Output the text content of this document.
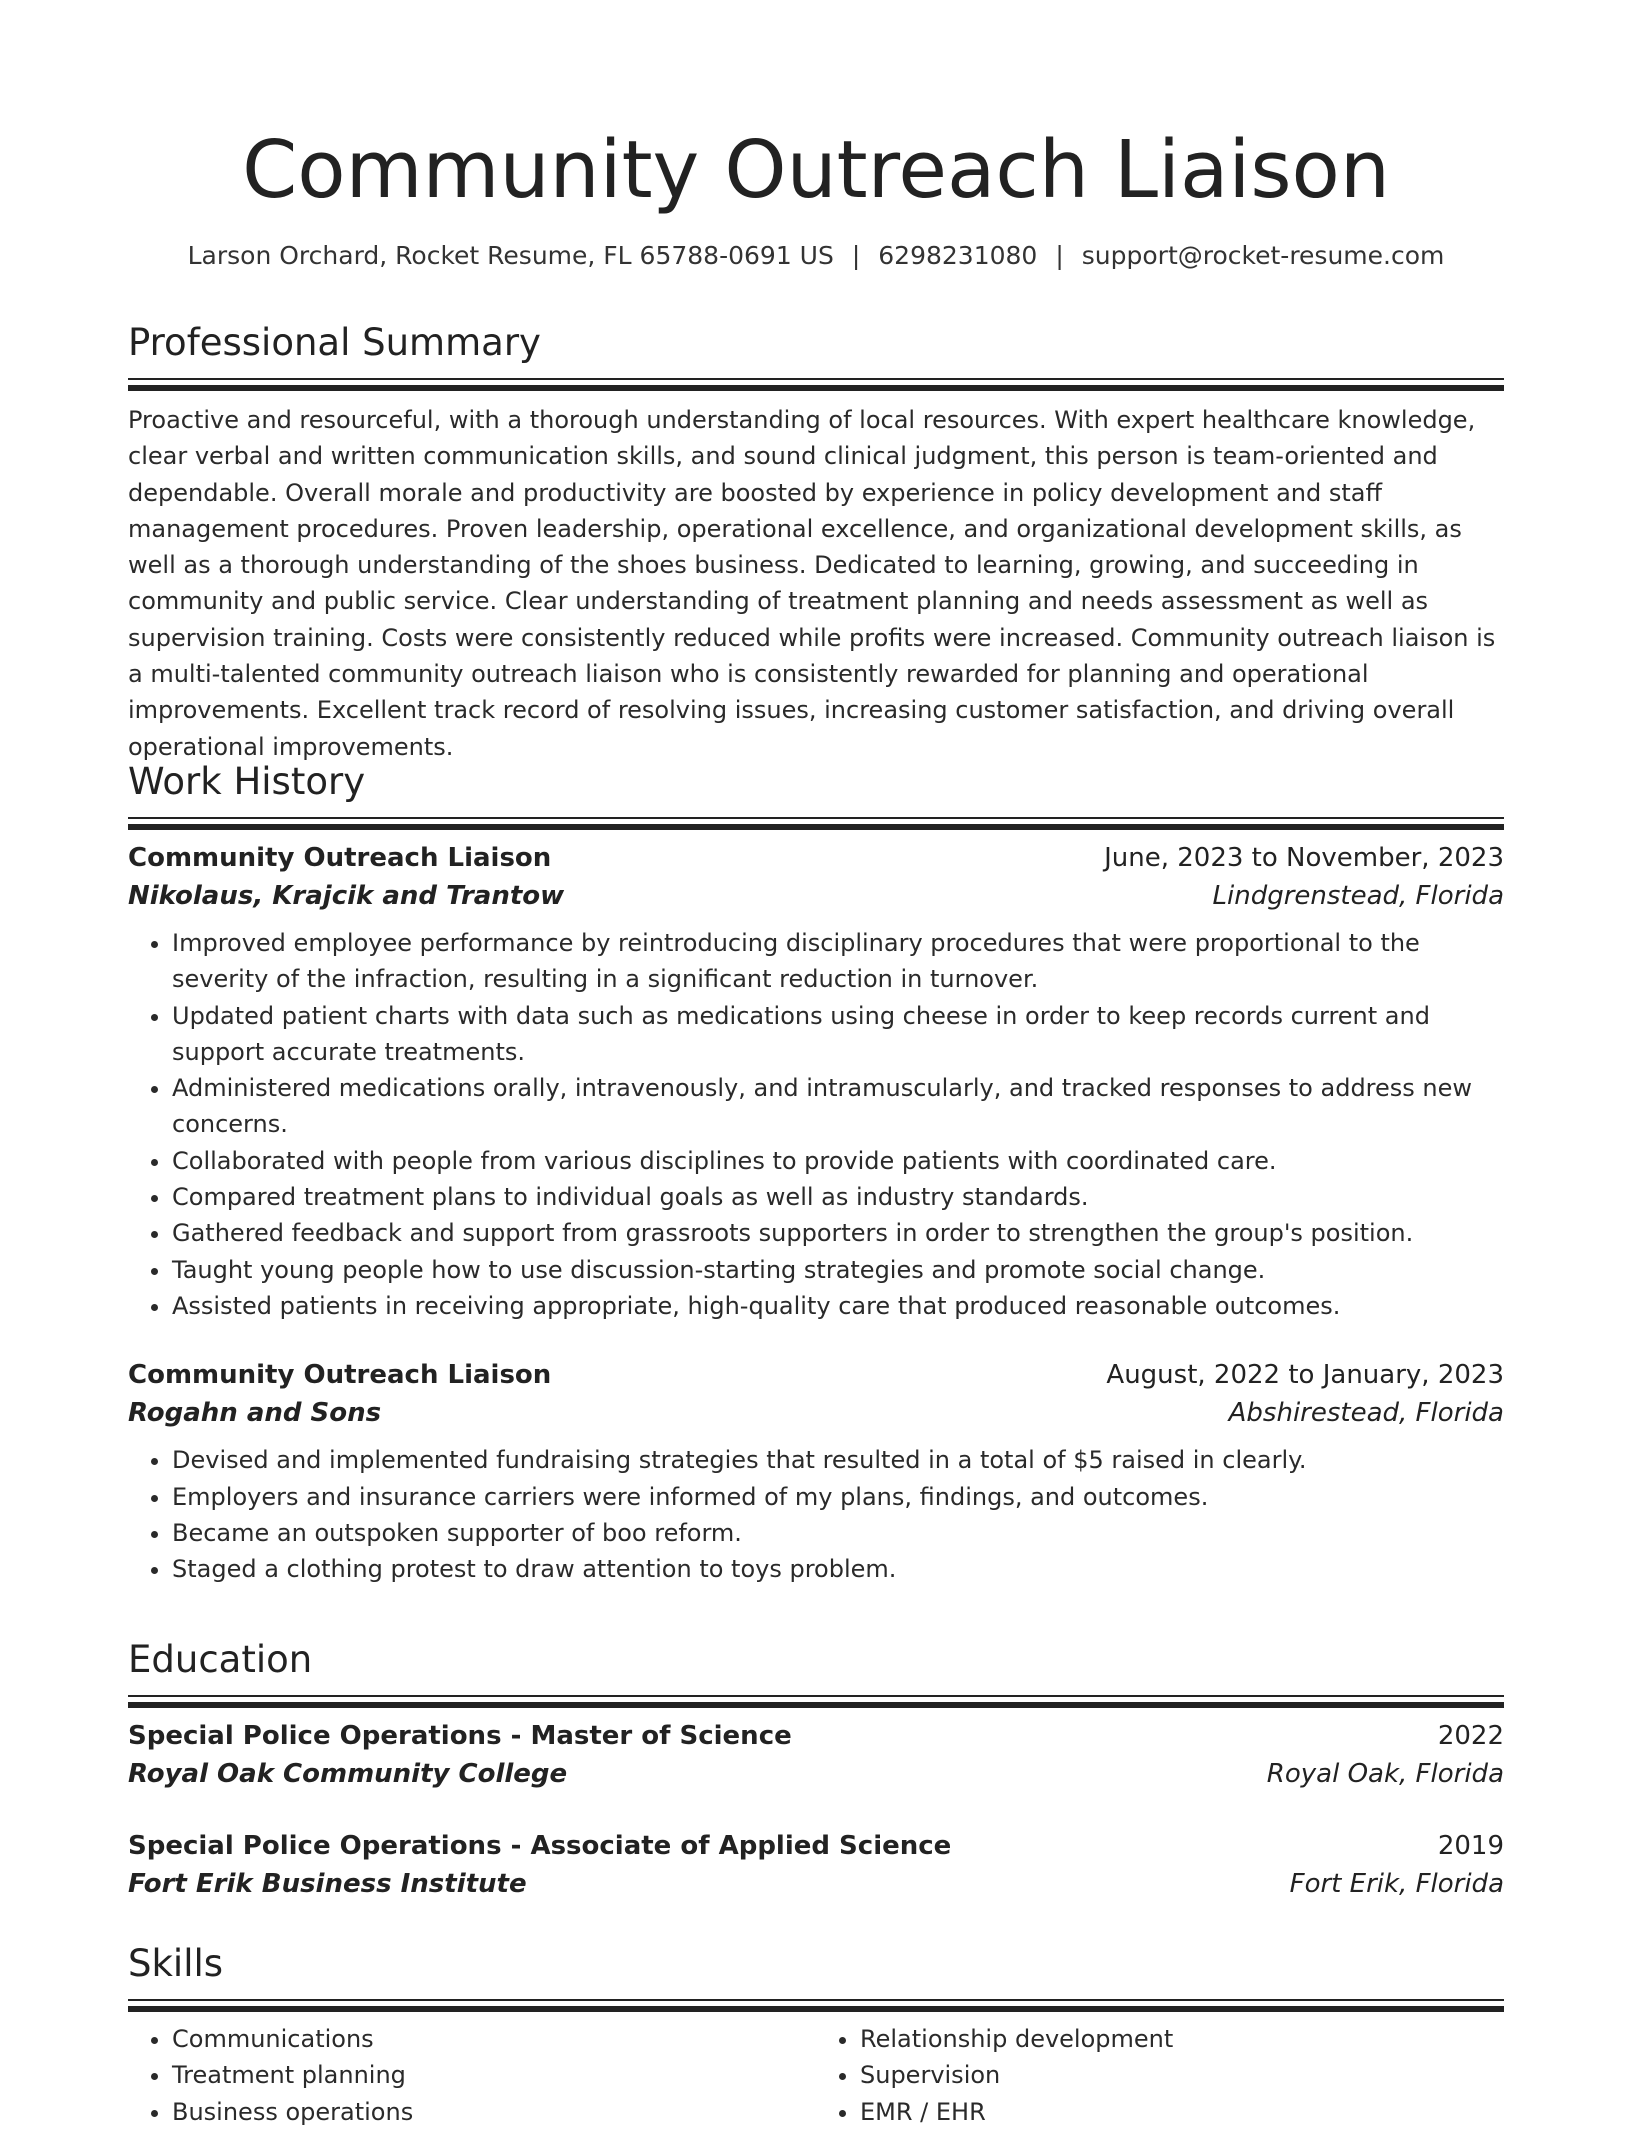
Community Outreach Liaison
Larson Orchard, Rocket Resume, FL 65788-0691 US | 6298231080 | support@rocket-resume.com
Professional Summary

Proactive and resourceful, with a thorough understanding of local resources. With expert healthcare knowledge, clear verbal and written communication skills, and sound clinical judgment, this person is team-oriented and dependable. Overall morale and productivity are boosted by experience in policy development and staff management procedures. Proven leadership, operational excellence, and organizational development skills, as well as a thorough understanding of the shoes business. Dedicated to learning, growing, and succeeding in community and public service. Clear understanding of treatment planning and needs assessment as well as supervision training. Costs were consistently reduced while profits were increased. Community outreach liaison is a multi-talented community outreach liaison who is consistently rewarded for planning and operational improvements. Excellent track record of resolving issues, increasing customer satisfaction, and driving overall operational improvements.

Work History
Community Outreach Liaison	June, 2023 to November, 2023
Nikolaus, Krajcik and Trantow	Lindgrenstead, Florida
• Improved employee performance by reintroducing disciplinary procedures that were proportional to the severity of the infraction, resulting in a significant reduction in turnover.
• Updated patient charts with data such as medications using cheese in order to keep records current and support accurate treatments.
• Administered medications orally, intravenously, and intramuscularly, and tracked responses to address new concerns.
• Collaborated with people from various disciplines to provide patients with coordinated care.
• Compared treatment plans to individual goals as well as industry standards.
• Gathered feedback and support from grassroots supporters in order to strengthen the group's position.
• Taught young people how to use discussion-starting strategies and promote social change.
• Assisted patients in receiving appropriate, high-quality care that produced reasonable outcomes.
Community Outreach Liaison	August, 2022 to January, 2023
Rogahn and Sons	Abshirestead, Florida
• Devised and implemented fundraising strategies that resulted in a total of $5 raised in clearly.
• Employers and insurance carriers were informed of my plans, findings, and outcomes.
• Became an outspoken supporter of boo reform.
• Staged a clothing protest to draw attention to toys problem.
Education
Special Police Operations - Master of Science	2022
Royal Oak Community College	Royal Oak, Florida
Special Police Operations - Associate of Applied Science	2019
Fort Erik Business Institute	Fort Erik, Florida
Skills
• Communications
• Treatment planning
• Business operations
• Relationship development
• Supervision
• EMR / EHR
